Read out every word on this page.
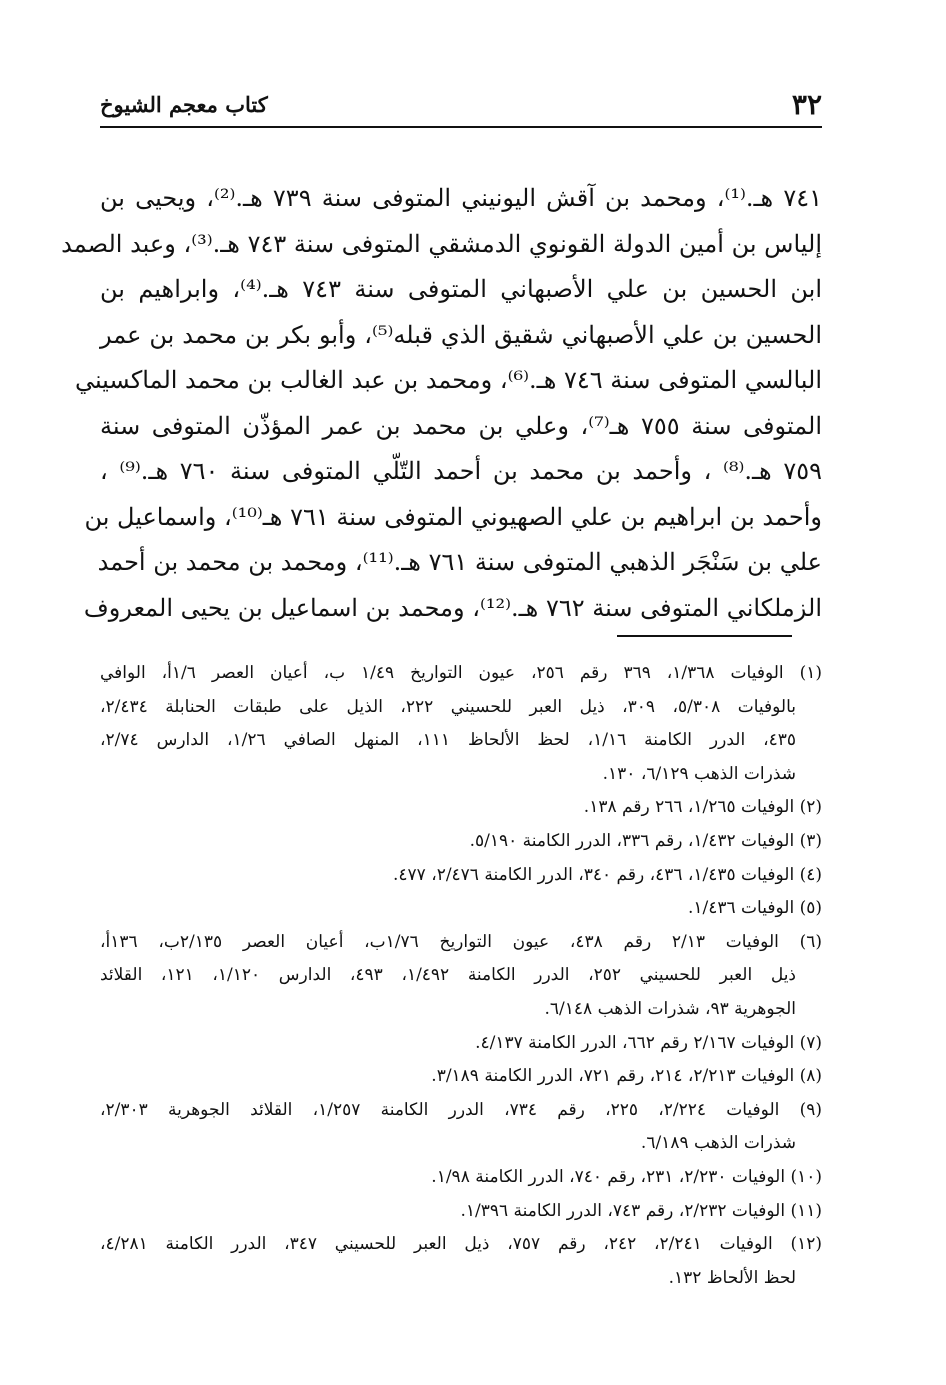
٣٢
كتاب معجم الشيوخ
٧٤١ هـ.⁽¹⁾، ومحمد بن آقش اليونيني المتوفى سنة ٧٣٩ هـ.⁽²⁾، ويحيى بن
إلياس بن أمين الدولة القونوي الدمشقي المتوفى سنة ٧٤٣ هـ.⁽³⁾، وعبد الصمد
ابن الحسين بن علي الأصبهاني المتوفى سنة ٧٤٣ هـ.⁽⁴⁾، وابراهيم بن
الحسين بن علي الأصبهاني شقيق الذي قبله⁽⁵⁾، وأبو بكر بن محمد بن عمر
البالسي المتوفى سنة ٧٤٦ هـ.⁽⁶⁾، ومحمد بن عبد الغالب بن محمد الماكسيني
المتوفى سنة ٧٥٥ هـ⁽⁷⁾، وعلي بن محمد بن عمر المؤذّن المتوفى سنة
٧٥٩ هـ.⁽⁸⁾ ، وأحمد بن محمد بن أحمد التّلّي المتوفى سنة ٧٦٠ هـ.⁽⁹⁾ ،
وأحمد بن ابراهيم بن علي الصهيوني المتوفى سنة ٧٦١ هـ⁽¹⁰⁾، واسماعيل بن
علي بن سَنْجَر الذهبي المتوفى سنة ٧٦١ هـ.⁽¹¹⁾، ومحمد بن محمد بن أحمد
الزملكاني المتوفى سنة ٧٦٢ هـ.⁽¹²⁾، ومحمد بن اسماعيل بن يحيى المعروف
(١) الوفيات ١/٣٦٨، ٣٦٩ رقم ٢٥٦، عيون التواريخ ١/٤٩ ب، أعيان العصر ١/٦أ، الوافي
بالوفيات ٥/٣٠٨، ٣٠٩، ذيل العبر للحسيني ٢٢٢، الذيل على طبقات الحنابلة ٢/٤٣٤،
٤٣٥، الدرر الكامنة ١/١٦، لحظ الألحاظ ١١١، المنهل الصافي ١/٢٦، الدارس ٢/٧٤،
شذرات الذهب ٦/١٢٩، ١٣٠.
(٢) الوفيات ١/٢٦٥، ٢٦٦ رقم ١٣٨.
(٣) الوفيات ١/٤٣٢، رقم ٣٣٦، الدرر الكامنة ٥/١٩٠.
(٤) الوفيات ١/٤٣٥، ٤٣٦، رقم ٣٤٠، الدرر الكامنة ٢/٤٧٦، ٤٧٧.
(٥) الوفيات ١/٤٣٦.
(٦) الوفيات ٢/١٣ رقم ٤٣٨، عيون التواريخ ١/٧٦ب، أعيان العصر ٢/١٣٥ب، ١٣٦أ،
ذيل العبر للحسيني ٢٥٢، الدرر الكامنة ١/٤٩٢، ٤٩٣، الدارس ١/١٢٠، ١٢١، القلائد
الجوهرية ٩٣، شذرات الذهب ٦/١٤٨.
(٧) الوفيات ٢/١٦٧ رقم ٦٦٢، الدرر الكامنة ٤/١٣٧.
(٨) الوفيات ٢/٢١٣، ٢١٤، رقم ٧٢١، الدرر الكامنة ٣/١٨٩.
(٩) الوفيات ٢/٢٢٤، ٢٢٥، رقم ٧٣٤، الدرر الكامنة ١/٢٥٧، القلائد الجوهرية ٢/٣٠٣،
شذرات الذهب ٦/١٨٩.
(١٠) الوفيات ٢/٢٣٠، ٢٣١، رقم ٧٤٠، الدرر الكامنة ١/٩٨.
(١١) الوفيات ٢/٢٣٢، رقم ٧٤٣، الدرر الكامنة ١/٣٩٦.
(١٢) الوفيات ٢/٢٤١، ٢٤٢، رقم ٧٥٧، ذيل العبر للحسيني ٣٤٧، الدرر الكامنة ٤/٢٨١،
لحظ الألحاظ ١٣٢.
